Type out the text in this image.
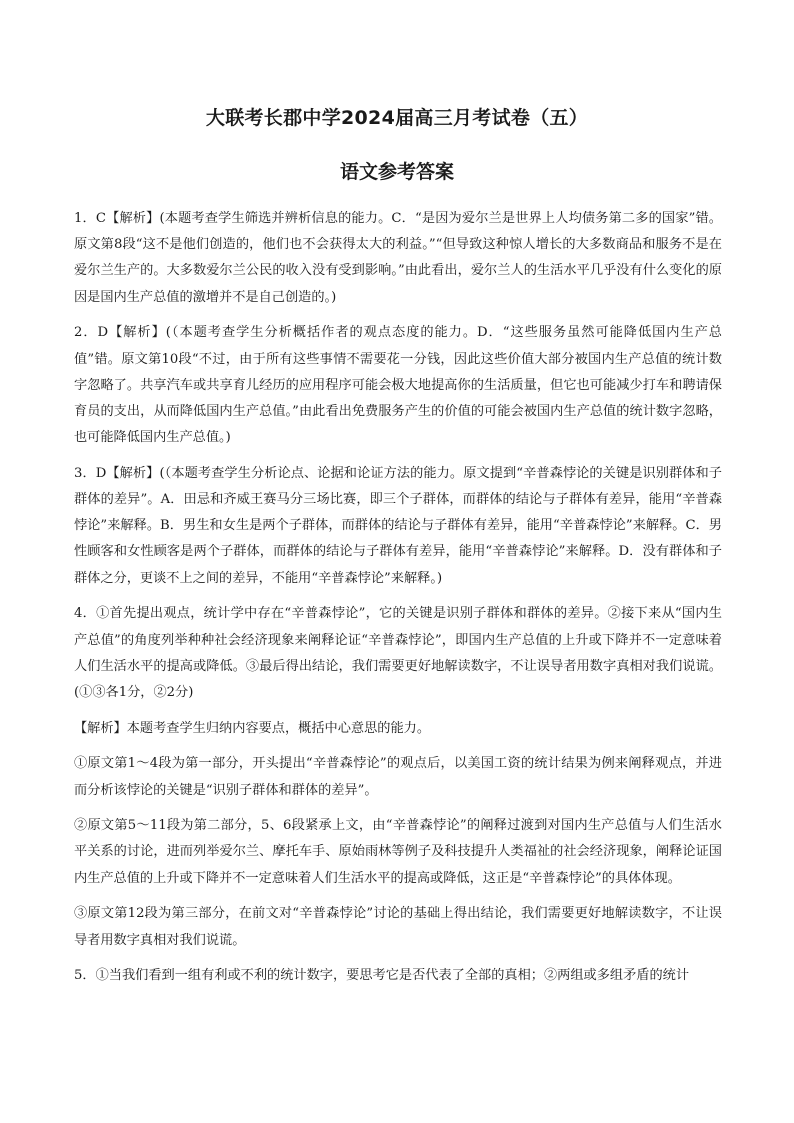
大联考长郡中学2024届高三月考试卷（五）
语文参考答案

1．C【解析】(本题考查学生筛选并辨析信息的能力。C．“是因为爱尔兰是世界上人均债务第二多的国家”错。原文第8段“这不是他们创造的，他们也不会获得太大的利益。”“但导致这种惊人增长的大多数商品和服务不是在爱尔兰生产的。大多数爱尔兰公民的收入没有受到影响。”由此看出，爱尔兰人的生活水平几乎没有什么变化的原因是国内生产总值的激增并不是自己创造的。)

2．D【解析】(（本题考查学生分析概括作者的观点态度的能力。D．“这些服务虽然可能降低国内生产总值”错。原文第10段“不过，由于所有这些事情不需要花一分钱，因此这些价值大部分被国内生产总值的统计数字忽略了。共享汽车或共享育儿经历的应用程序可能会极大地提高你的生活质量，但它也可能减少打车和聘请保育员的支出，从而降低国内生产总值。”由此看出免费服务产生的价值的可能会被国内生产总值的统计数字忽略，也可能降低国内生产总值。)

3．D【解析】(（本题考查学生分析论点、论据和论证方法的能力。原文提到“辛普森悖论的关键是识别群体和子群体的差异”。A．田忌和齐威王赛马分三场比赛，即三个子群体，而群体的结论与子群体有差异，能用“辛普森悖论”来解释。B．男生和女生是两个子群体，而群体的结论与子群体有差异，能用“辛普森悖论”来解释。C．男性顾客和女性顾客是两个子群体，而群体的结论与子群体有差异，能用“辛普森悖论”来解释。D．没有群体和子群体之分，更谈不上之间的差异，不能用“辛普森悖论”来解释。)

4．①首先提出观点，统计学中存在“辛普森悖论”，它的关键是识别子群体和群体的差异。②接下来从“国内生产总值”的角度列举种种社会经济现象来阐释论证“辛普森悖论”，即国内生产总值的上升或下降并不一定意味着人们生活水平的提高或降低。③最后得出结论，我们需要更好地解读数字，不让误导者用数字真相对我们说谎。(①③各1分，②2分)

【解析】本题考查学生归纳内容要点，概括中心意思的能力。

①原文第1～4段为第一部分，开头提出“辛普森悖论”的观点后，以美国工资的统计结果为例来阐释观点，并进而分析该悖论的关键是“识别子群体和群体的差异”。

②原文第5～11段为第二部分，5、6段紧承上文，由“辛普森悖论”的阐释过渡到对国内生产总值与人们生活水平关系的讨论，进而列举爱尔兰、摩托车手、原始雨林等例子及科技提升人类福祉的社会经济现象，阐释论证国内生产总值的上升或下降并不一定意味着人们生活水平的提高或降低，这正是“辛普森悖论”的具体体现。

③原文第12段为第三部分，在前文对“辛普森悖论”讨论的基础上得出结论，我们需要更好地解读数字，不让误导者用数字真相对我们说谎。

5．①当我们看到一组有利或不利的统计数字，要思考它是否代表了全部的真相；②两组或多组矛盾的统计
